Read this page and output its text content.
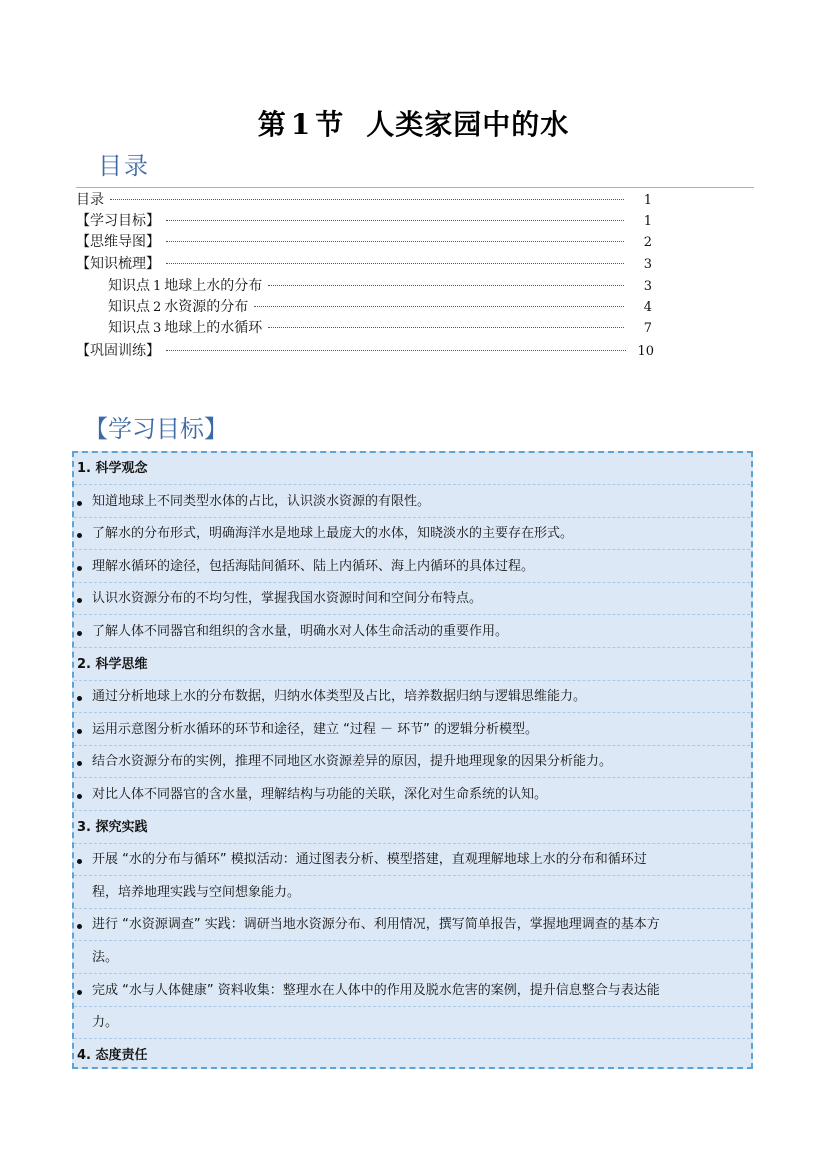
第 1 节 人类家园中的水
目录
目录	1
【学习目标】	1
【思维导图】	2
【知识梳理】	3
知识点 1 地球上水的分布	3
知识点 2 水资源的分布	4
知识点 3 地球上的水循环	7
【巩固训练】	10
【学习目标】
1. 科学观念
知道地球上不同类型水体的占比，认识淡水资源的有限性。
了解水的分布形式，明确海洋水是地球上最庞大的水体，知晓淡水的主要存在形式。
理解水循环的途径，包括海陆间循环、陆上内循环、海上内循环的具体过程。
认识水资源分布的不均匀性，掌握我国水资源时间和空间分布特点。
了解人体不同器官和组织的含水量，明确水对人体生命活动的重要作用。
2. 科学思维
通过分析地球上水的分布数据，归纳水体类型及占比，培养数据归纳与逻辑思维能力。
运用示意图分析水循环的环节和途径，建立 “过程 － 环节” 的逻辑分析模型。
结合水资源分布的实例，推理不同地区水资源差异的原因，提升地理现象的因果分析能力。
对比人体不同器官的含水量，理解结构与功能的关联，深化对生命系统的认知。
3. 探究实践
开展 “水的分布与循环” 模拟活动：通过图表分析、模型搭建，直观理解地球上水的分布和循环过
程，培养地理实践与空间想象能力。
进行 “水资源调查” 实践：调研当地水资源分布、利用情况，撰写简单报告，掌握地理调查的基本方
法。
完成 “水与人体健康” 资料收集：整理水在人体中的作用及脱水危害的案例，提升信息整合与表达能
力。
4. 态度责任
